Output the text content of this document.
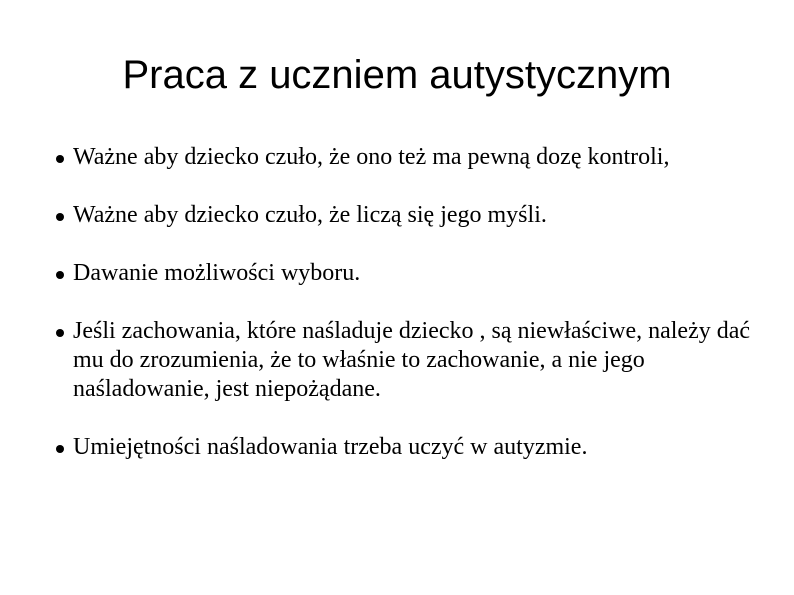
Praca z uczniem autystycznym
Ważne aby dziecko czuło, że ono też ma pewną dozę kontroli,
Ważne aby dziecko czuło, że liczą się jego myśli.
Dawanie możliwości wyboru.
Jeśli zachowania, które naśladuje dziecko , są niewłaściwe, należy dać mu do zrozumienia, że to właśnie to zachowanie, a nie jego naśladowanie, jest niepożądane.
Umiejętności naśladowania trzeba uczyć w autyzmie.
